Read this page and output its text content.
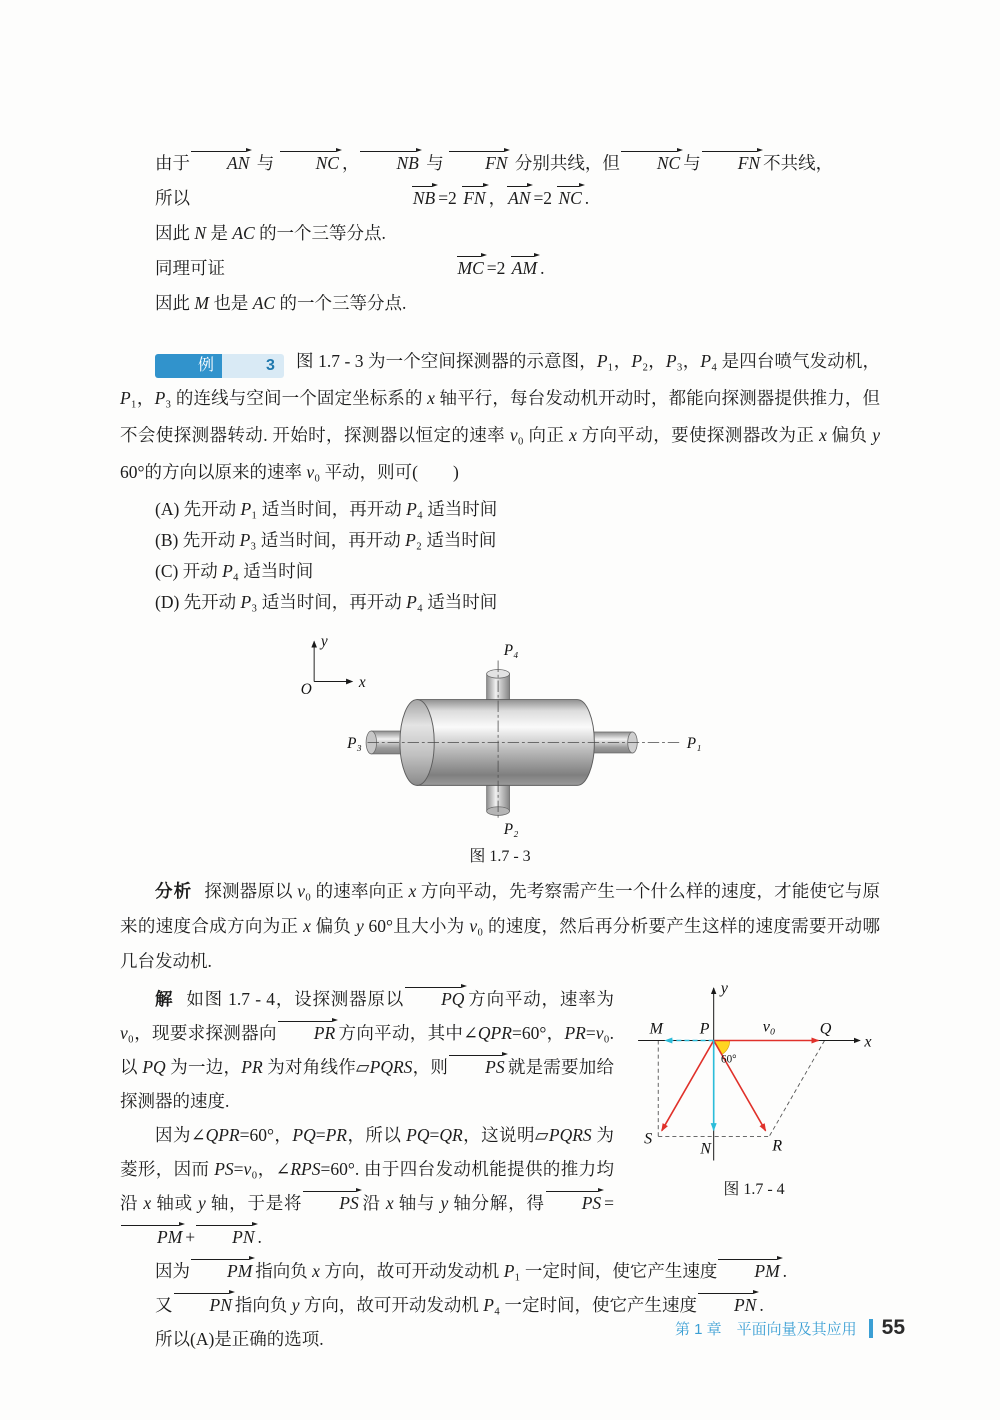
由于 AN 与 NC ， NB 与 FN 分别共线，但 NC 与 FN 不共线，
所以	NB =2 FN ， AN =2 NC .
因此 N 是 AC 的一个三等分点.
同理可证	MC =2 AM .
因此 M 也是 AC 的一个三等分点.

例	3	图 1.7 - 3 为一个空间探测器的示意图，P₁，P₂，P₃，P₄ 是四台喷气发动机，P₁，P₃ 的连线与空间一个固定坐标系的 x 轴平行，每台发动机开动时，都能向探测器提供推力，但不会使探测器转动. 开始时，探测器以恒定的速率 v₀ 向正 x 方向平动，要使探测器改为正 x 偏负 y 60°的方向以原来的速率 v₀ 平动，则可(　　)

(A) 先开动 P₁ 适当时间，再开动 P₄ 适当时间
(B) 先开动 P₃ 适当时间，再开动 P₂ 适当时间
(C) 开动 P₄ 适当时间
(D) 先开动 P₃ 适当时间，再开动 P₄ 适当时间
y
x
O
P₃	P₁
P₄
P₂
图 1.7 - 3

分析 探测器原以 v₀ 的速率向正 x 方向平动，先考察需产生一个什么样的速度，才能使它与原来的速度合成方向为正 x 偏负 y 60°且大小为 v₀ 的速度，然后再分析要产生这样的速度需要开动哪几台发动机.

M P	Q
v₀
x
y
S
N	R
60°
图 1.7 - 4

解 如图 1.7 - 4，设探测器原以 PQ 方向平动，速率为 v₀，现要求探测器向 PR 方向平动，其中∠QPR=60°，PR=v₀. 以 PQ 为一边，PR 为对角线作▱PQRS，则 PS 就是需要加给探测器的速度.

因为∠QPR=60°，PQ=PR，所以 PQ=QR，这说明▱PQRS 为菱形，因而 PS=v₀，∠RPS=60°. 由于四台发动机能提供的推力均沿 x 轴或 y 轴，于是将 PS 沿 x 轴与 y 轴分解，得 PS =PM + PN .

因为 PM 指向负 x 方向，故可开动发动机 P₁ 一定时间，使它产生速度 PM .

又 PN 指向负 y 方向，故可开动发动机 P₄ 一定时间，使它产生速度 PN .

所以(A)是正确的选项.	第 1 章 平面向量及其应用 55
